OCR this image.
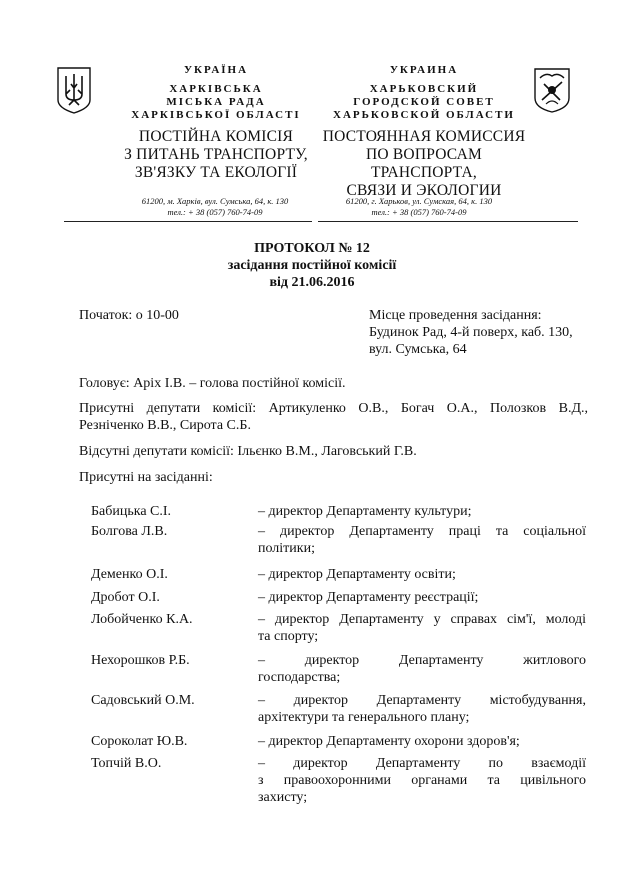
УКРАЇНА
ХАРКІВСЬКА
МІСЬКА РАДА
ХАРКІВСЬКОЇ ОБЛАСТІ
ПОСТІЙНА КОМІСІЯ
З ПИТАНЬ ТРАНСПОРТУ,
ЗВ'ЯЗКУ ТА ЕКОЛОГІЇ
УКРАИНА
ХАРЬКОВСКИЙ
ГОРОДСКОЙ СОВЕТ
ХАРЬКОВСКОЙ ОБЛАСТИ
ПОСТОЯННАЯ КОМИССИЯ
ПО ВОПРОСАМ ТРАНСПОРТА,
СВЯЗИ И ЭКОЛОГИИ
61200, м. Харків, вул. Сумська, 64, к. 130
тел.: + 38 (057) 760-74-09
61200, г. Харьков, ул. Сумская, 64, к. 130
тел.: + 38 (057) 760-74-09
ПРОТОКОЛ № 12
засідання постійної комісії
від 21.06.2016
Початок: о 10-00	Місце проведення засідання:
Будинок Рад, 4-й поверх, каб. 130,
вул. Сумська, 64
Головує: Аріх І.В. – голова постійної комісії.
Присутні депутати комісії: Артикуленко О.В., Богач О.А., Полозков В.Д.,
Резніченко В.В., Сирота С.Б.
Відсутні депутати комісії: Ільєнко В.М., Лаговський Г.В.
Присутні на засіданні:
Бабицька С.І.	– директор Департаменту культури;
Болгова Л.В.	– директор Департаменту праці та соціальної
політики;
Деменко О.І.	– директор Департаменту освіти;
Дробот О.І.	– директор Департаменту реєстрації;
Лобойченко К.А.	– директор Департаменту у справах сім'ї, молоді
та спорту;
Нехорошков Р.Б.	– директор Департаменту житлового
господарства;
Садовський О.М.	– директор Департаменту містобудування,
архітектури та генерального плану;
Сороколат Ю.В.	– директор Департаменту охорони здоров'я;
Топчій В.О.	– директор Департаменту по взаємодії
з правоохоронними органами та цивільного
захисту;
